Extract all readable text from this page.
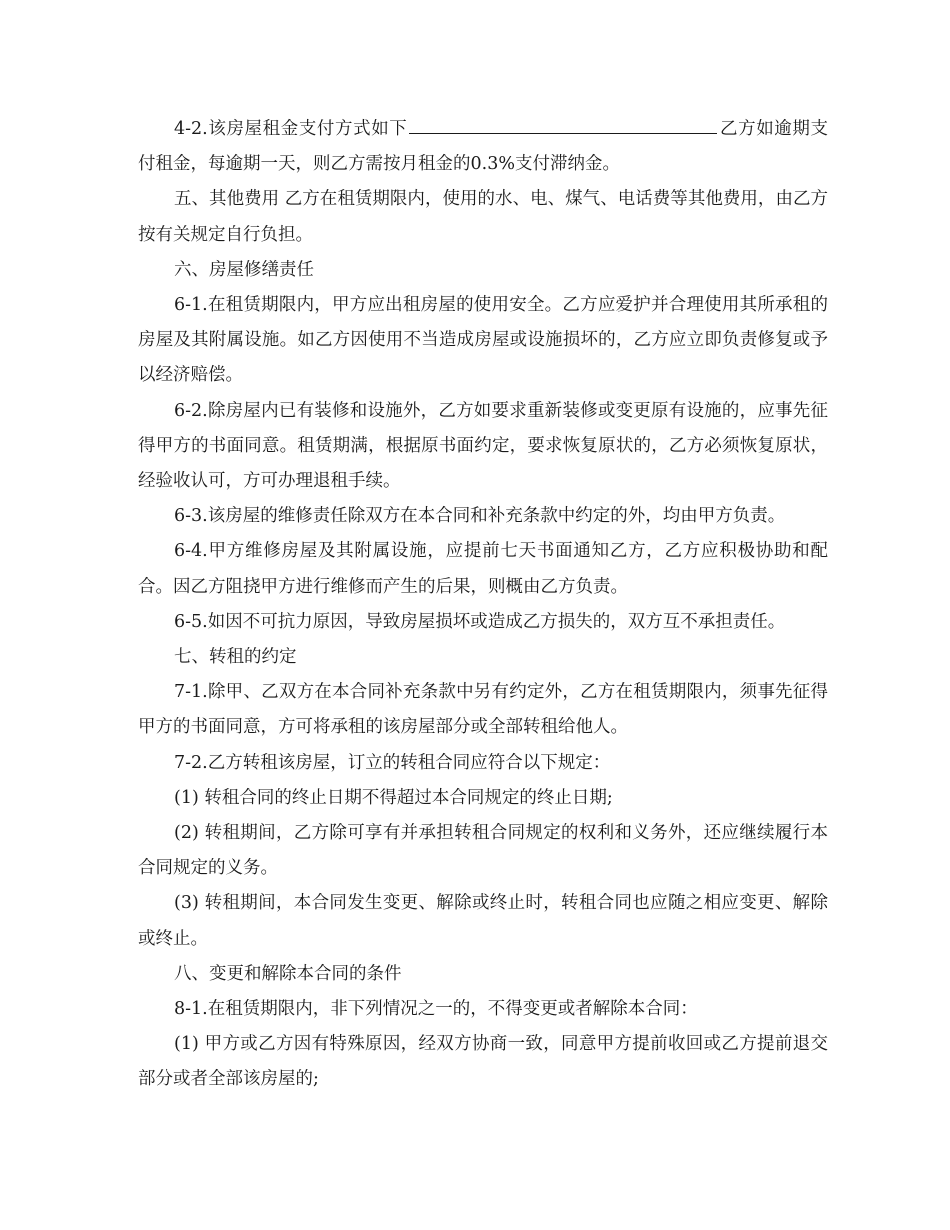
4-2.该房屋租金支付方式如下	乙方如逾期支付租金，每逾期一天，则乙方需按月租金的0.3%支付滞纳金。

五、其他费用 乙方在租赁期限内，使用的水、电、煤气、电话费等其他费用，由乙方按有关规定自行负担。

六、房屋修缮责任

6-1.在租赁期限内，甲方应出租房屋的使用安全。乙方应爱护并合理使用其所承租的房屋及其附属设施。如乙方因使用不当造成房屋或设施损坏的，乙方应立即负责修复或予以经济赔偿。

6-2.除房屋内已有装修和设施外，乙方如要求重新装修或变更原有设施的，应事先征得甲方的书面同意。租赁期满，根据原书面约定，要求恢复原状的，乙方必须恢复原状，经验收认可，方可办理退租手续。

6-3.该房屋的维修责任除双方在本合同和补充条款中约定的外，均由甲方负责。

6-4.甲方维修房屋及其附属设施，应提前七天书面通知乙方，乙方应积极协助和配合。因乙方阻挠甲方进行维修而产生的后果，则概由乙方负责。

6-5.如因不可抗力原因，导致房屋损坏或造成乙方损失的，双方互不承担责任。

七、转租的约定

7-1.除甲、乙双方在本合同补充条款中另有约定外，乙方在租赁期限内，须事先征得甲方的书面同意，方可将承租的该房屋部分或全部转租给他人。

7-2.乙方转租该房屋，订立的转租合同应符合以下规定：

(1) 转租合同的终止日期不得超过本合同规定的终止日期;

(2) 转租期间，乙方除可享有并承担转租合同规定的权利和义务外，还应继续履行本合同规定的义务。

(3) 转租期间，本合同发生变更、解除或终止时，转租合同也应随之相应变更、解除或终止。

八、变更和解除本合同的条件

8-1.在租赁期限内，非下列情况之一的，不得变更或者解除本合同：

(1) 甲方或乙方因有特殊原因，经双方协商一致，同意甲方提前收回或乙方提前退交部分或者全部该房屋的;
